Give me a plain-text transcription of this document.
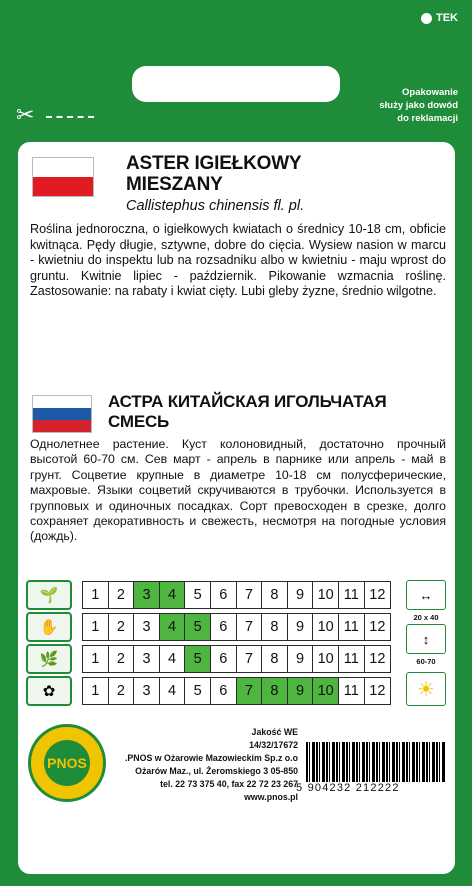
TEK
Opakowanie
służy jako dowód
do reklamacji
✂
ASTER IGIEŁKOWY
MIESZANY
Callistephus chinensis fl. pl.
Roślina jednoroczna, o igiełkowych kwiatach o średnicy 10-18 cm, obficie kwitnąca. Pędy długie, sztywne, dobre do cięcia. Wysiew nasion w marcu - kwietniu do inspektu lub na rozsadniku albo w kwietniu - maju wprost do gruntu. Kwitnie lipiec - październik. Pikowanie wzmacnia roślinę. Zastosowanie: na rabaty i kwiat cięty. Lubi gleby żyzne, średnio wilgotne.
АСТРА КИТАЙСКАЯ ИГОЛЬЧАТАЯ
СМЕСЬ
Однолетнее растение. Куст колоновидный, достаточно прочный высотой 60-70 см. Сев март - апрель в парнике или апрель - май в грунт. Соцветие крупные в диаметре 10-18 см полусферические, махровые. Языки соцветий скручиваются в трубочки. Используется в групповых и одиночных посадках. Сорт превосходен в срезке, долго сохраняет декоративность и свежесть, несмотря на погодные условия (дождь).
🌱	1	2	3	4	5	6	7	8	9 10 11 12
✋	1	2	3	4	5	6	7	8	9 10 11 12
🌿	1	2	3	4	5	6	7	8	9 10 11 12
✿	1	2	3	4	5	6	7	8	9 10 11 12
↔
20 x 40
↕
60-70
☀
PNOS
Jakość WE
14/32/17672
PNOS w Ożarowie Mazowieckim Sp.z o.o.
05-850 Ożarów Maz., ul. Żeromskiego 3
tel. 22 73 375 40, fax 22 72 23 267
www.pnos.pl
5 904232 212222
